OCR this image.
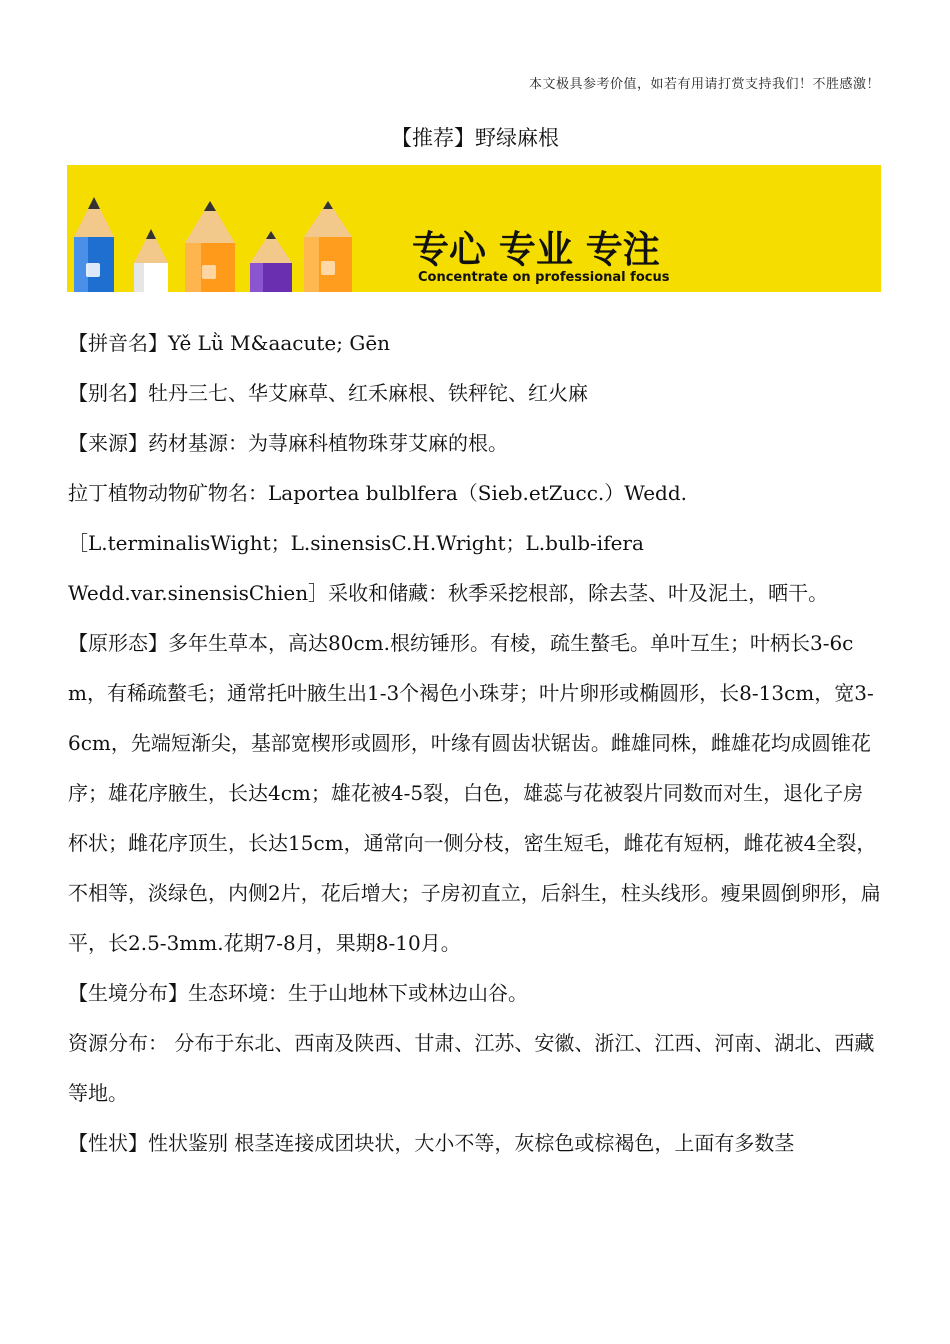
本文极具参考价值，如若有用请打赏支持我们！不胜感激！
【推荐】野绿麻根
专心 专业 专注
Concentrate on professional focus

【拼音名】Yě Lǜ M&aacute; Gēn

【别名】牡丹三七、华艾麻草、红禾麻根、铁秤铊、红火麻

【来源】药材基源：为荨麻科植物珠芽艾麻的根。

拉丁植物动物矿物名：Laportea bulblfera（Sieb.etZucc.）Wedd.

［L.terminalisWight；L.sinensisC.H.Wright；L.bulb-ifera

Wedd.var.sinensisChien］采收和储藏：秋季采挖根部，除去茎、叶及泥土，晒干。

【原形态】多年生草本，高达80cm.根纺锤形。有棱，疏生螯毛。单叶互生；叶柄长3-6cm，有稀疏螯毛；通常托叶腋生出1-3个褐色小珠芽；叶片卵形或椭圆形，长8-13cm，宽3-6cm，先端短渐尖，基部宽楔形或圆形，叶缘有圆齿状锯齿。雌雄同株，雌雄花均成圆锥花序；雄花序腋生，长达4cm；雄花被4-5裂，白色，雄蕊与花被裂片同数而对生，退化子房杯状；雌花序顶生，长达15cm，通常向一侧分枝，密生短毛，雌花有短柄，雌花被4全裂，不相等，淡绿色，内侧2片，花后增大；子房初直立，后斜生，柱头线形。瘦果圆倒卵形，扁平，长2.5-3mm.花期7-8月，果期8-10月。

【生境分布】生态环境：生于山地林下或林边山谷。

资源分布： 分布于东北、西南及陕西、甘肃、江苏、安徽、浙江、江西、河南、湖北、西藏等地。

【性状】性状鉴别 根茎连接成团块状，大小不等，灰棕色或棕褐色，上面有多数茎
